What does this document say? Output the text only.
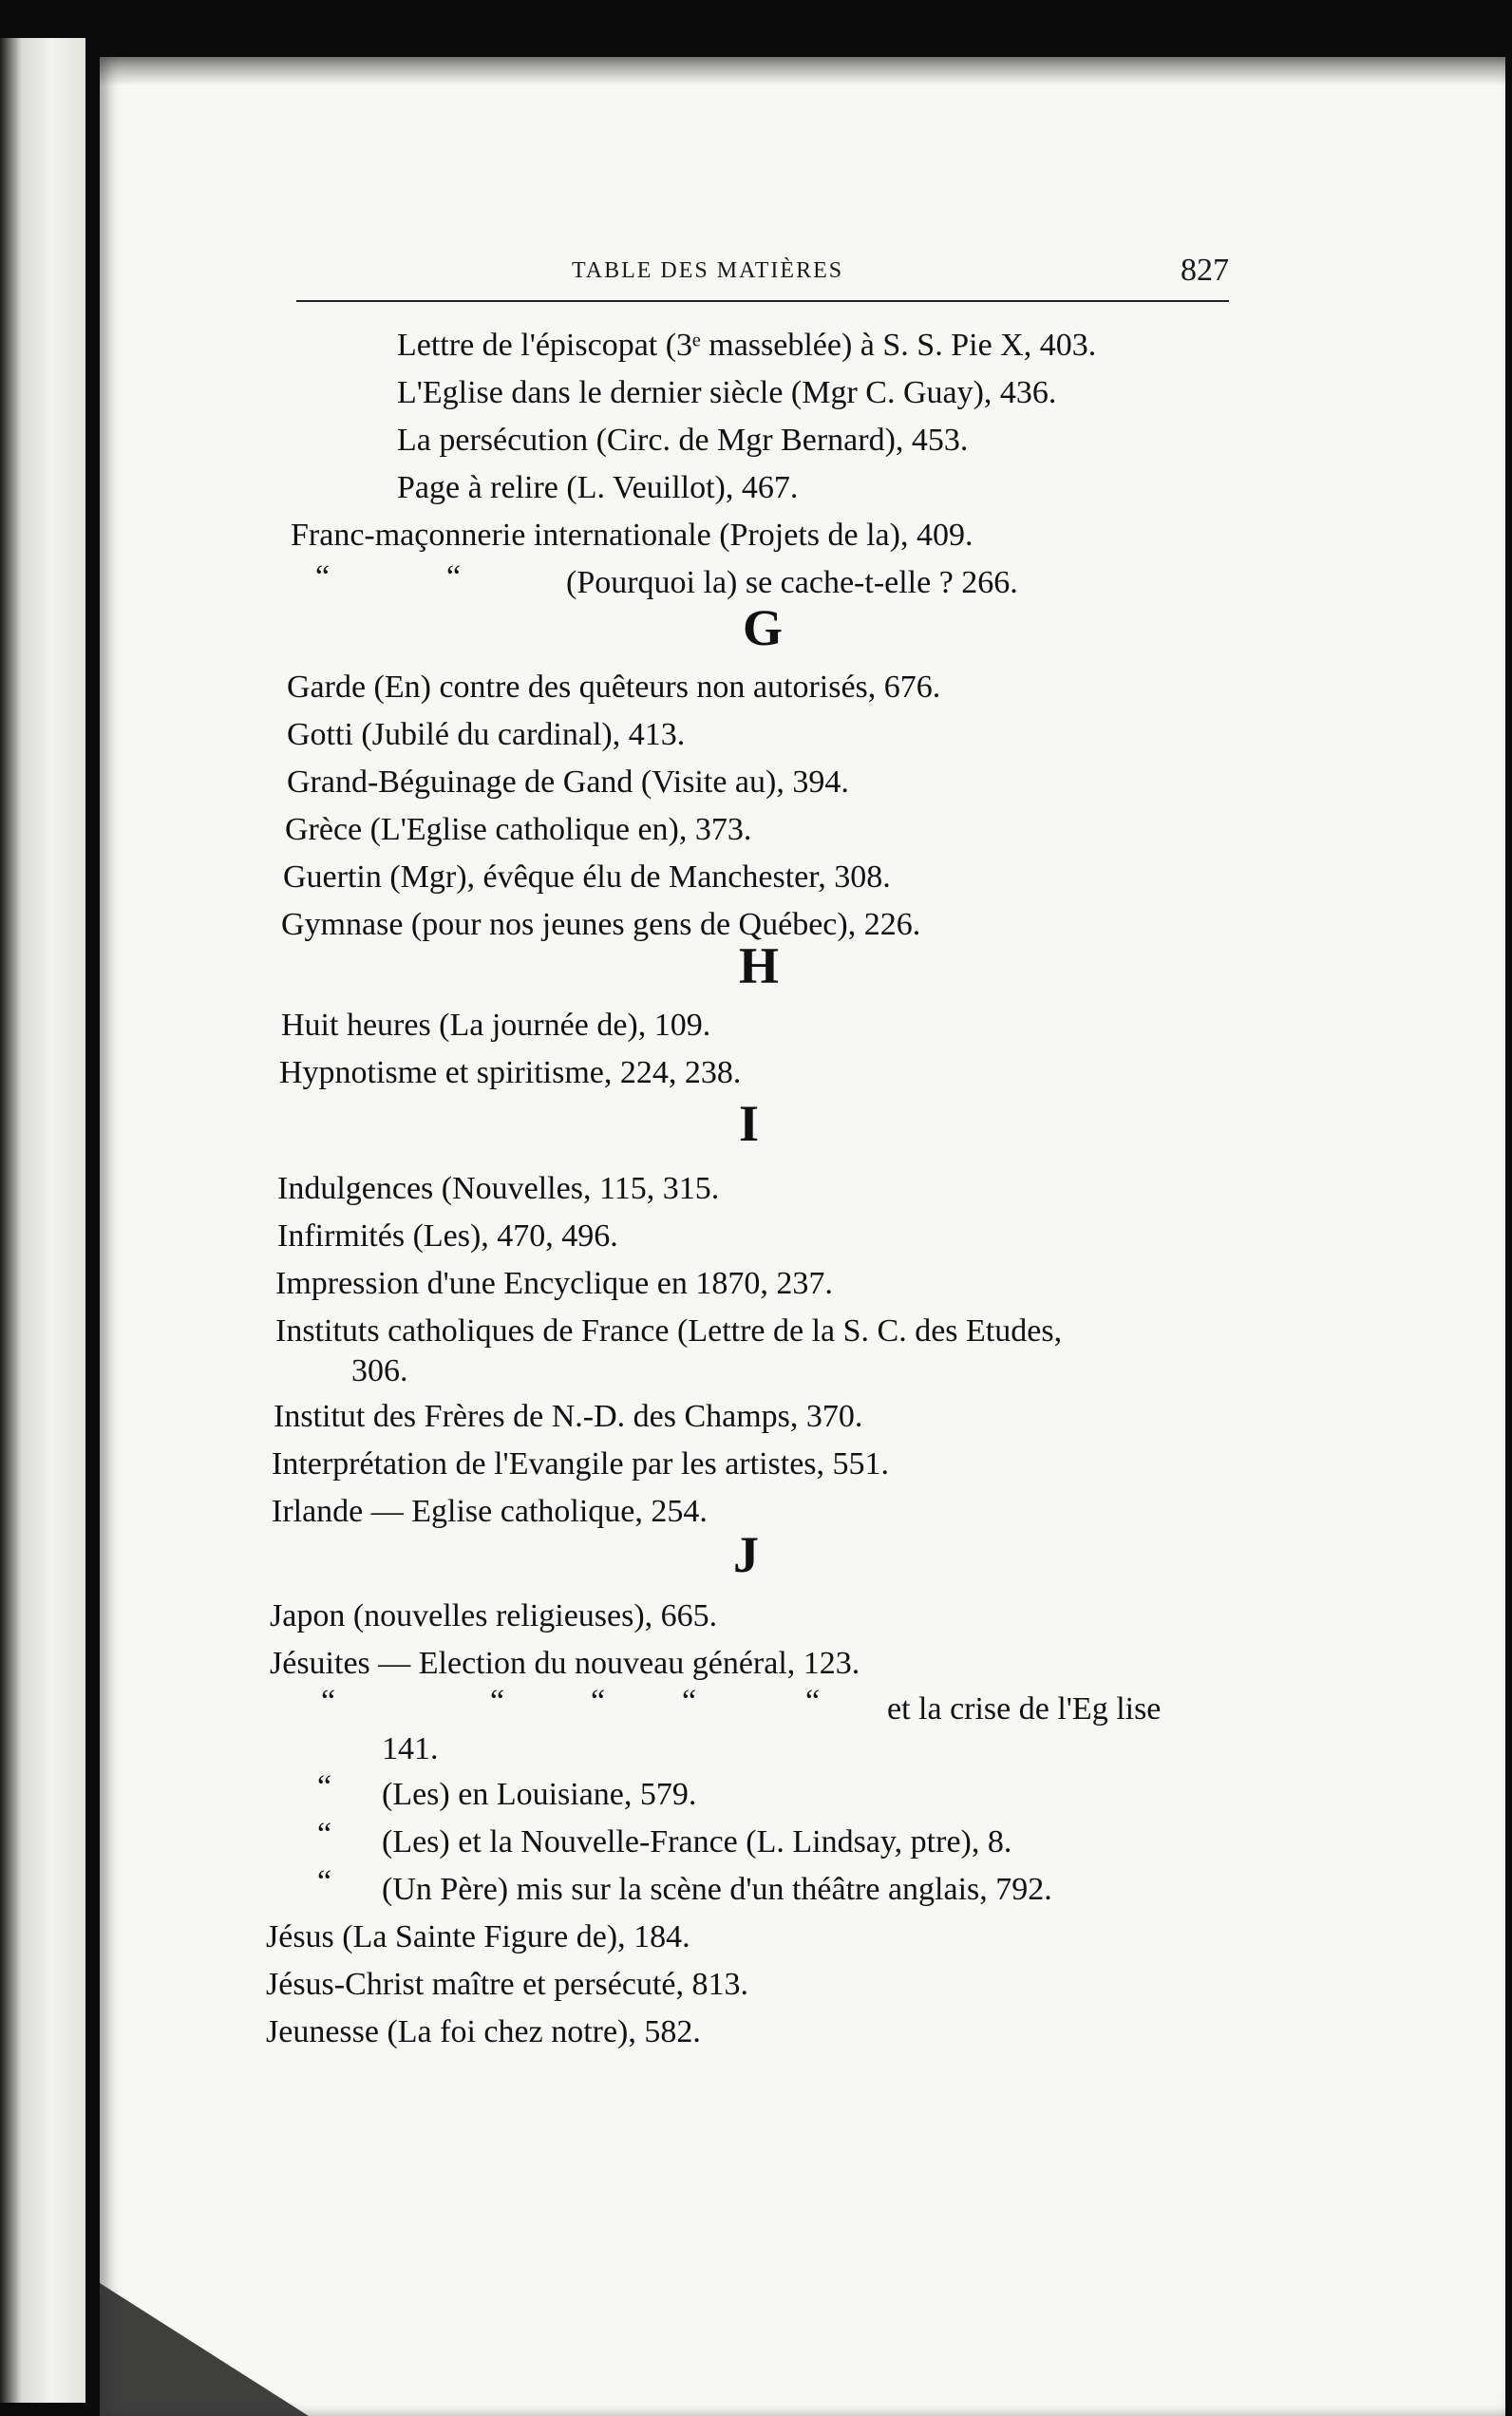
TABLE DES MATIÈRES	827
Lettre de l'épiscopat (3ᵉ masseblée) à S. S. Pie X, 403.
L'Eglise dans le dernier siècle (Mgr C. Guay), 436.
La persécution (Circ. de Mgr Bernard), 453.
Page à relire (L. Veuillot), 467.
Franc-maçonnerie internationale (Projets de la), 409.
“	“	(Pourquoi la) se cache-t-elle ? 266.
G
Garde (En) contre des quêteurs non autorisés, 676.
Gotti (Jubilé du cardinal), 413.
Grand-Béguinage de Gand (Visite au), 394.
Grèce (L'Eglise catholique en), 373.
Guertin (Mgr), évêque élu de Manchester, 308.
Gymnase (pour nos jeunes gens de Québec), 226.
H
Huit heures (La journée de), 109.
Hypnotisme et spiritisme, 224, 238.
I
Indulgences (Nouvelles, 115, 315.
Infirmités (Les), 470, 496.
Impression d'une Encyclique en 1870, 237.
Instituts catholiques de France (Lettre de la S. C. des Etudes,
306.
Institut des Frères de N.-D. des Champs, 370.
Interprétation de l'Evangile par les artistes, 551.
Irlande — Eglise catholique, 254.
J
Japon (nouvelles religieuses), 665.
Jésuites — Election du nouveau général, 123.
“	“	“ “	“ et la crise de l'Eg lise
141.
“ (Les) en Louisiane, 579.
“ (Les) et la Nouvelle-France (L. Lindsay, ptre), 8.
“ (Un Père) mis sur la scène d'un théâtre anglais, 792.
Jésus (La Sainte Figure de), 184.
Jésus-Christ maître et persécuté, 813.
Jeunesse (La foi chez notre), 582.
